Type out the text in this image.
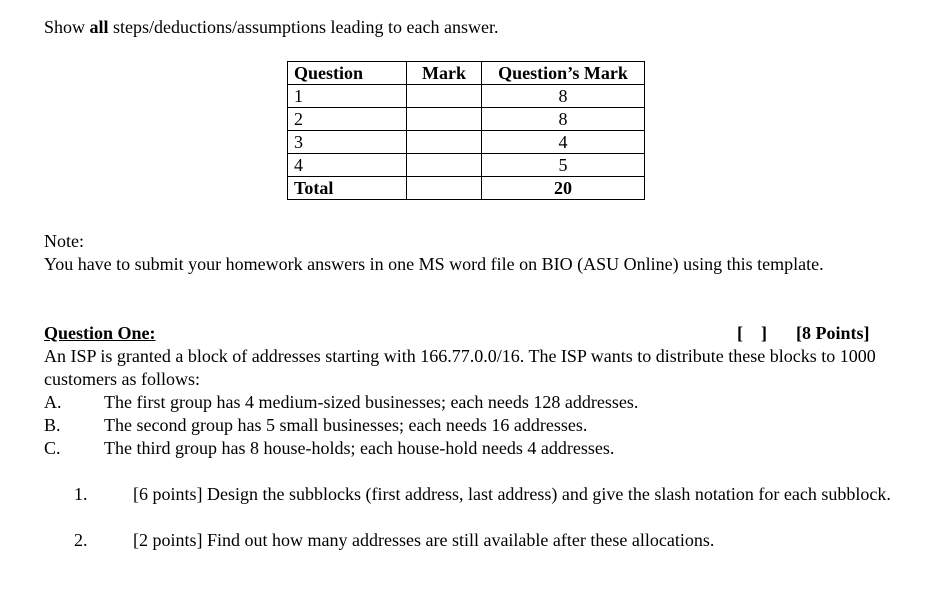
Show all steps/deductions/assumptions leading to each answer.
Question	Mark	Question’s Mark
1		8
2		8
3		4
4		5
Total		20
Note:
You have to submit your homework answers in one MS word file on BIO (ASU Online) using this template.
Question One:	[    ] [8 Points]
An ISP is granted a block of addresses starting with 166.77.0.0/16. The ISP wants to distribute these blocks to 1000 customers as follows:
A. The first group has 4 medium-sized businesses; each needs 128 addresses.
B. The second group has 5 small businesses; each needs 16 addresses.
C. The third group has 8 house-holds; each house-hold needs 4 addresses.
1.	[6 points] Design the subblocks (first address, last address) and give the slash notation for each subblock.
2.	[2 points] Find out how many addresses are still available after these allocations.
